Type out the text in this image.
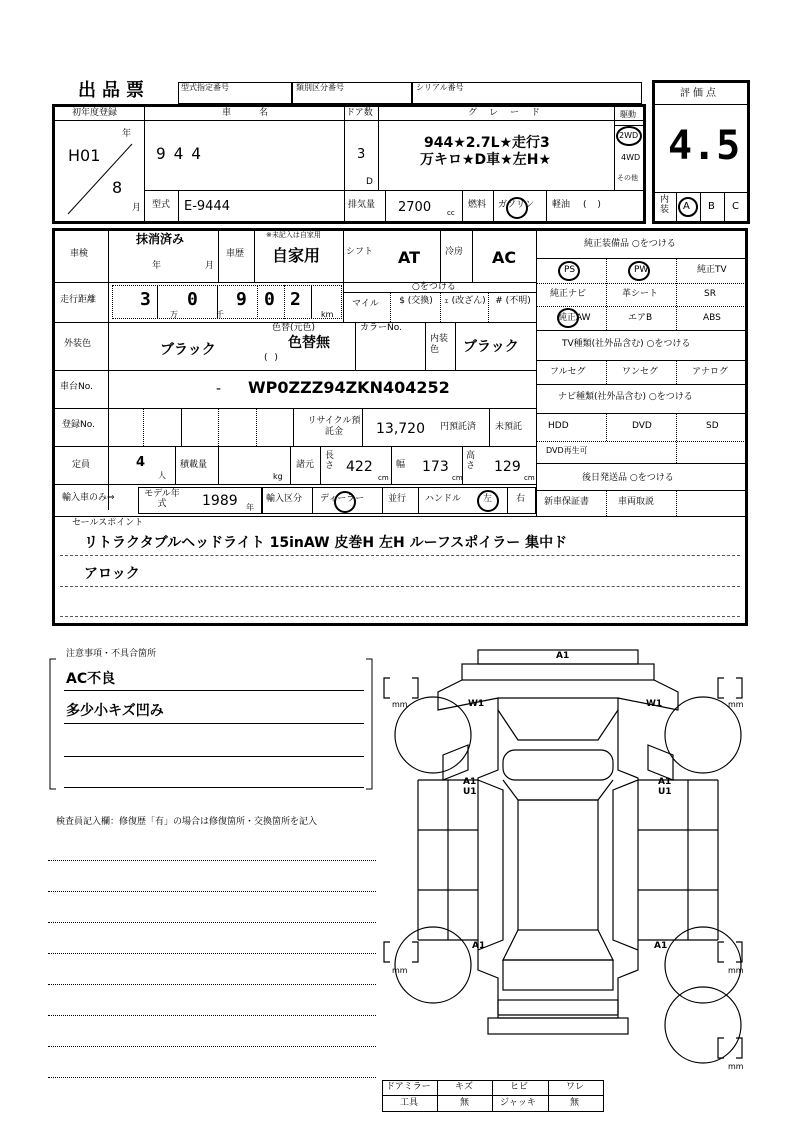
出品票	型式指定番号	類別区分番号	シリアル番号
評価点
4.5
内装 A B C
初年度登録
H01
年
8
月
車名
944
ドア数
3
D
グレード
944★2.7L★走行3
万キロ★D車★左H★
駆動
2WD
4WD
その他
型式 E-9444	排気量 2700 cc
燃料 ガソリン 軽油 ( )
車検
抹消済み
年	月
車歴
※未記入は自家用
自家用	シフト AT	冷房 AC
走行距離 3 0 9 0 2
万	千	km
○をつける
マイル	$ (交換)	ｪ (改ざん)	# (不明)
外装色	ブラック
色替(元色)
色替無
( )
カラーNo.
内装色	ブラック
車台No.	- WP0ZZZ94ZKN404252
登録No.	リサイクル預託金	13,720 円預託済 未預託
定員	4
人
積載量
kg
諸元
長さ 422
cm
幅 173
cm
高さ 129
cm
輸入車のみ⇒	モデル年式	1989 年
輸入区分 ディーラー	並行 ハンドル 左	右
純正装備品 ○をつける
PS	PW	純正TV
純正ナビ	革シート	SR
純正AW	エアB	ABS
TV種類(社外品含む) ○をつける
フルセグ	ワンセグ	アナログ
ナビ種類(社外品含む) ○をつける
HDD	DVD	SD
DVD再生可
後日発送品 ○をつける
新車保証書	車両取説
セールスポイント
リトラクタブルヘッドライト 15inAW 皮巻H 左H ルーフスポイラー 集中ド
アロック
注意事項・不具合箇所
AC不良
多少小キズ凹み
検査員記入欄：修復歴「有」の場合は修復箇所・交換箇所を記入
A1
W1	W1
A1
U1
A1
U1
A1	A1
mm	mm
mm	mm
mm
ドアミラー	キズ	ヒビ	ワレ
工具	無	ジャッキ	無
